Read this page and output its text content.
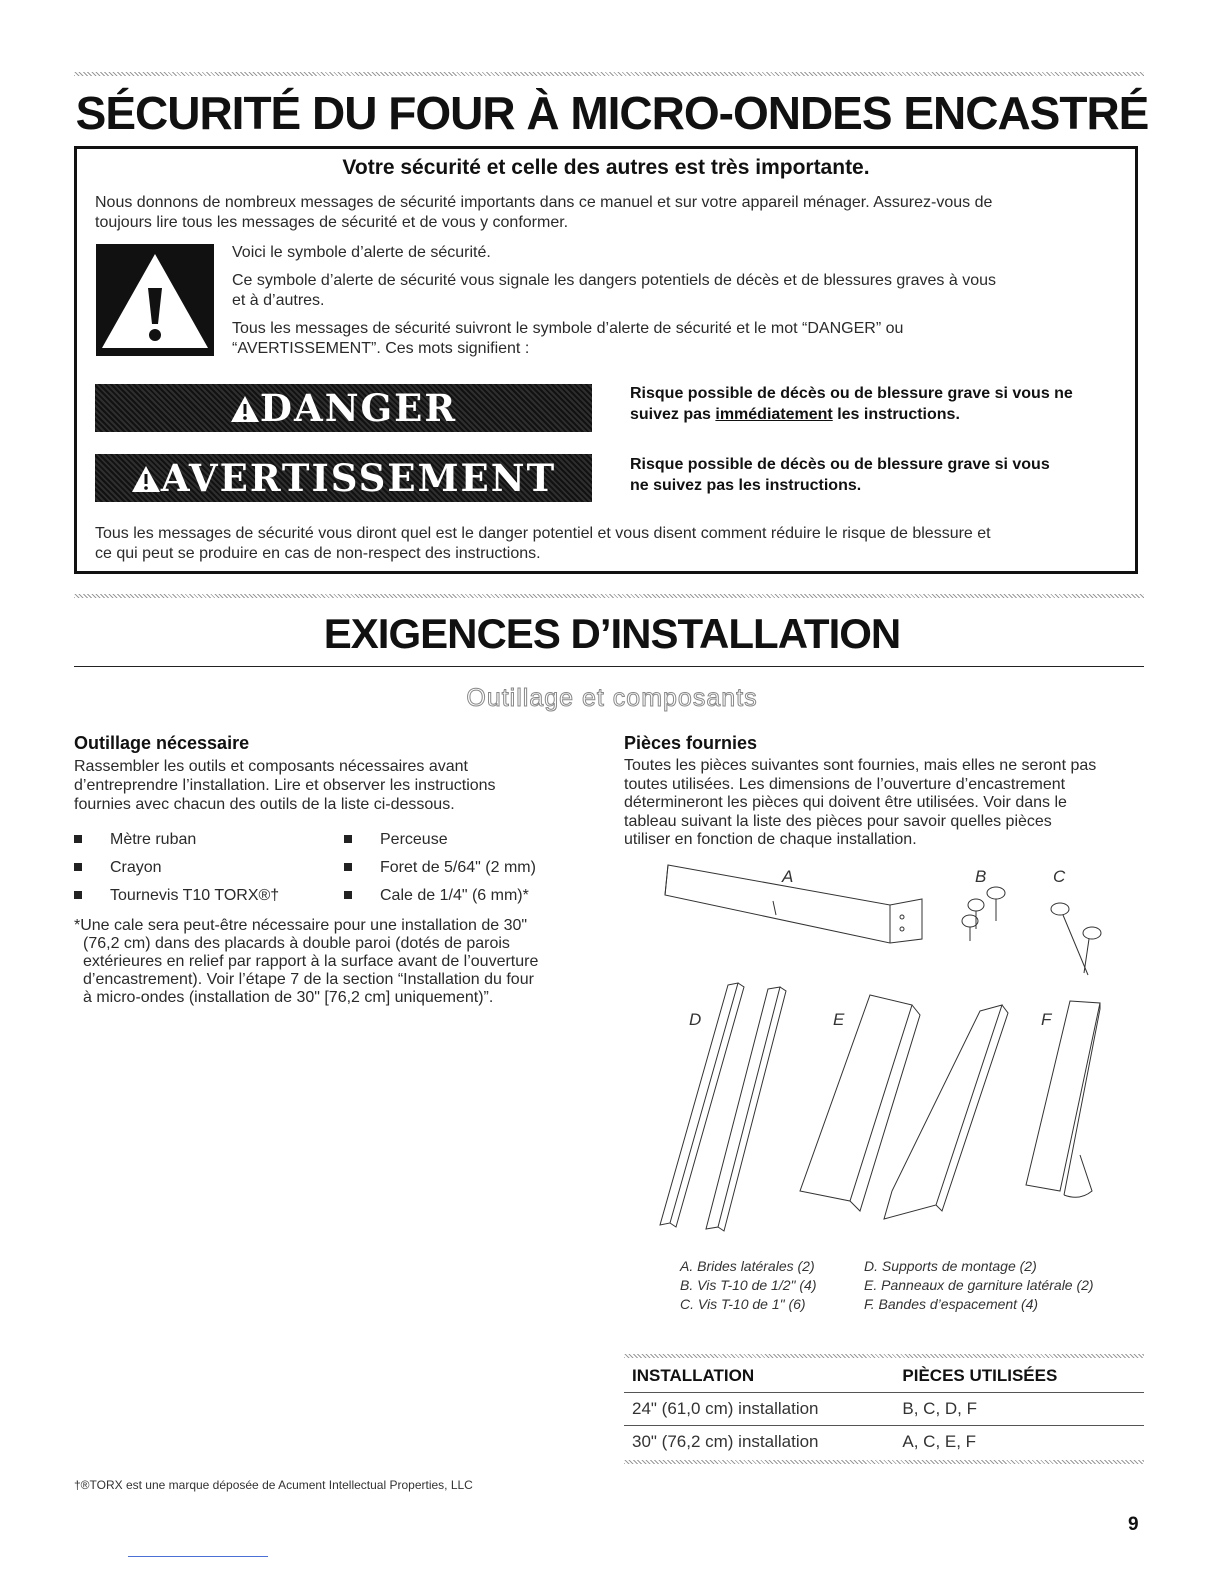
SÉCURITÉ DU FOUR À MICRO-ONDES ENCASTRÉ
Votre sécurité et celle des autres est très importante.
Nous donnons de nombreux messages de sécurité importants dans ce manuel et sur votre appareil ménager. Assurez-vous de
toujours lire tous les messages de sécurité et de vous y conformer.
Voici le symbole d’alerte de sécurité.
Ce symbole d’alerte de sécurité vous signale les dangers potentiels de décès et de blessures graves à vous
et à d’autres.
Tous les messages de sécurité suivront le symbole d’alerte de sécurité et le mot “DANGER” ou
“AVERTISSEMENT”. Ces mots signifient :
DANGER	Risque possible de décès ou de blessure grave si vous ne
suivez pas immédiatement les instructions.
AVERTISSEMENT	Risque possible de décès ou de blessure grave si vous
ne suivez pas les instructions.
Tous les messages de sécurité vous diront quel est le danger potentiel et vous disent comment réduire le risque de blessure et
ce qui peut se produire en cas de non-respect des instructions.
EXIGENCES D’INSTALLATION
Outillage et composants
Outillage nécessaire
Rassembler les outils et composants nécessaires avant
d’entreprendre l’installation. Lire et observer les instructions
fournies avec chacun des outils de la liste ci-dessous.
Mètre ruban
Crayon
Tournevis T10 TORX®†
Perceuse
Foret de 5/64" (2 mm)
Cale de 1/4" (6 mm)*
*Une cale sera peut-être nécessaire pour une installation de 30"
(76,2 cm) dans des placards à double paroi (dotés de parois
extérieures en relief par rapport à la surface avant de l’ouverture
d’encastrement). Voir l’étape 7 de la section “Installation du four
à micro-ondes (installation de 30" [76,2 cm] uniquement)”.
Pièces fournies
Toutes les pièces suivantes sont fournies, mais elles ne seront pas
toutes utilisées. Les dimensions de l’ouverture d’encastrement
détermineront les pièces qui doivent être utilisées. Voir dans le
tableau suivant la liste des pièces pour savoir quelles pièces
utiliser en fonction de chaque installation.
A	B	C
D	E	F
A. Brides latérales (2)
B. Vis T-10 de 1/2" (4)
C. Vis T-10 de 1" (6)
D. Supports de montage (2)
E. Panneaux de garniture latérale (2)
F. Bandes d’espacement (4)
INSTALLATION	PIÈCES UTILISÉES
24" (61,0 cm) installation	B, C, D, F
30" (76,2 cm) installation	A, C, E, F
†®TORX est une marque déposée de Acument Intellectual Properties, LLC
9
